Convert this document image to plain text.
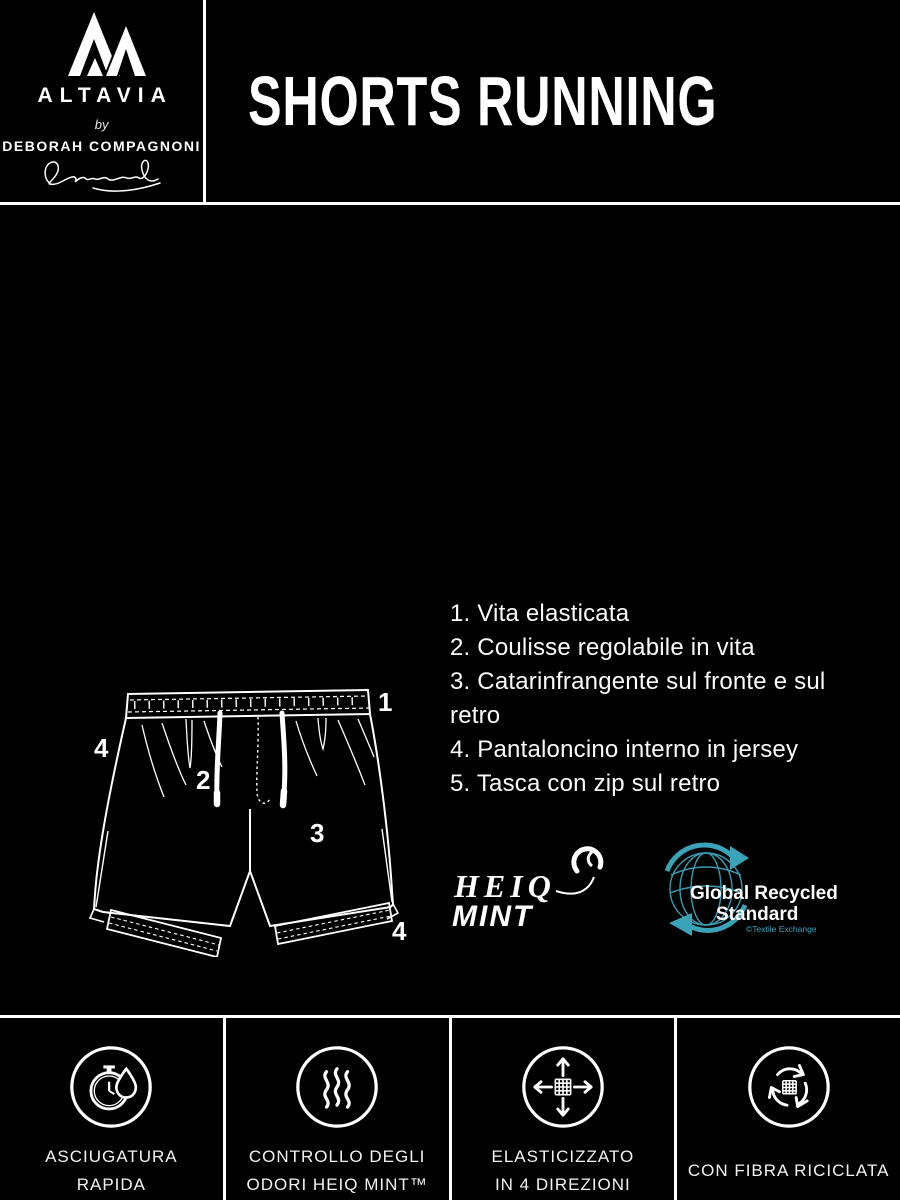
ALTAVIA
by
DEBORAH COMPAGNONI
SHORTS RUNNING
1
4
2
3
4
1. Vita elasticata
2. Coulisse regolabile in vita
3. Catarinfrangente sul fronte e sul
retro
4. Pantaloncino interno in jersey
5. Tasca con zip sul retro
HEIQ
MINT
Global Recycled
Standard
©Textile Exchange
ASCIUGATURA
RAPIDA
CONTROLLO DEGLI
ODORI HEIQ MINT™
ELASTICIZZATO
IN 4 DIREZIONI
CON FIBRA RICICLATA
